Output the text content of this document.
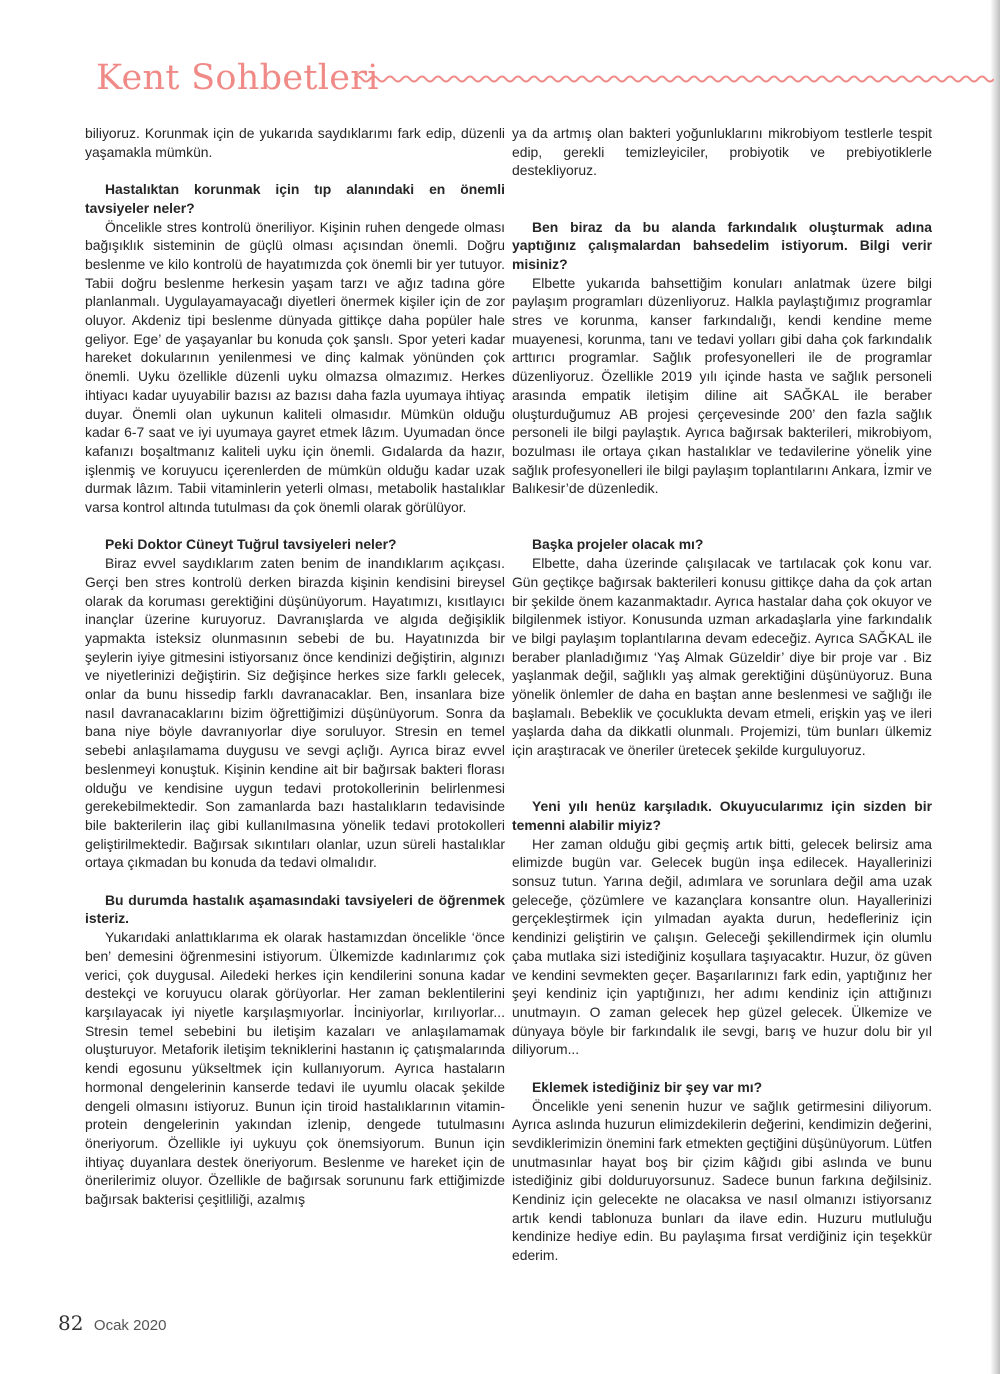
Kent Sohbetleri

biliyoruz. Korunmak için de yukarıda saydıklarımı fark edip, düzenli yaşamakla mümkün.

Hastalıktan korunmak için tıp alanındaki en önemli tavsiyeler neler?

Öncelikle stres kontrolü öneriliyor. Kişinin ruhen dengede olması bağışıklık sisteminin de güçlü olması açısından önemli. Doğru beslenme ve kilo kontrolü de hayatımızda çok önemli bir yer tutuyor. Tabii doğru beslenme herkesin yaşam tarzı ve ağız tadına göre planlanmalı. Uygulayamayacağı diyetleri önermek kişiler için de zor oluyor. Akdeniz tipi beslenme dünyada gittikçe daha popüler hale geliyor. Ege’ de yaşayanlar bu konuda çok şanslı. Spor yeteri kadar hareket dokularının yenilenmesi ve dinç kalmak yönünden çok önemli. Uyku özellikle düzenli uyku olmazsa olmazımız. Herkes ihtiyacı kadar uyuyabilir bazısı az bazısı daha fazla uyumaya ihtiyaç duyar. Önemli olan uykunun kaliteli olmasıdır. Mümkün olduğu kadar 6-7 saat ve iyi uyumaya gayret etmek lâzım. Uyumadan önce kafanızı boşaltmanız kaliteli uyku için önemli. Gıdalarda da hazır, işlenmiş ve koruyucu içerenlerden de mümkün olduğu kadar uzak durmak lâzım. Tabii vitaminlerin yeterli olması, metabolik hastalıklar varsa kontrol altında tutulması da çok önemli olarak görülüyor.

Peki Doktor Cüneyt Tuğrul tavsiyeleri neler?

Biraz evvel saydıklarım zaten benim de inandıklarım açıkçası. Gerçi ben stres kontrolü derken birazda kişinin kendisini bireysel olarak da koruması gerektiğini düşünüyorum. Hayatımızı, kısıtlayıcı inançlar üzerine kuruyoruz. Davranışlarda ve algıda değişiklik yapmakta isteksiz olunmasının sebebi de bu. Hayatınızda bir şeylerin iyiye gitmesini istiyorsanız önce kendinizi değiştirin, algınızı ve niyetlerinizi değiştirin. Siz değişince herkes size farklı gelecek, onlar da bunu hissedip farklı davranacaklar. Ben, insanlara bize nasıl davranacaklarını bizim öğrettiğimizi düşünüyorum. Sonra da bana niye böyle davranıyorlar diye soruluyor. Stresin en temel sebebi anlaşılamama duygusu ve sevgi açlığı. Ayrıca biraz evvel beslenmeyi konuştuk. Kişinin kendine ait bir bağırsak bakteri florası olduğu ve kendisine uygun tedavi protokollerinin belirlenmesi gerekebilmektedir. Son zamanlarda bazı hastalıkların tedavisinde bile bakterilerin ilaç gibi kullanılmasına yönelik tedavi protokolleri geliştirilmektedir. Bağırsak sıkıntıları olanlar, uzun süreli hastalıklar ortaya çıkmadan bu konuda da tedavi olmalıdır.

Bu durumda hastalık aşamasındaki tavsiyeleri de öğrenmek isteriz.

Yukarıdaki anlattıklarıma ek olarak hastamızdan öncelikle ‘önce ben’ demesini öğrenmesini istiyorum. Ülkemizde kadınlarımız çok verici, çok duygusal. Ailedeki herkes için kendilerini sonuna kadar destekçi ve koruyucu olarak görüyorlar. Her zaman beklentilerini karşılayacak iyi niyetle karşılaşmıyorlar. İnciniyorlar, kırılıyorlar... Stresin temel sebebini bu iletişim kazaları ve anlaşılamamak oluşturuyor. Metaforik iletişim tekniklerini hastanın iç çatışmalarında kendi egosunu yükseltmek için kullanıyorum. Ayrıca hastaların hormonal dengelerinin kanserde tedavi ile uyumlu olacak şekilde dengeli olmasını istiyoruz. Bunun için tiroid hastalıklarının vitamin- protein dengelerinin yakından izlenip, dengede tutulmasını öneriyorum. Özellikle iyi uykuyu çok önemsiyorum. Bunun için ihtiyaç duyanlara destek öneriyorum. Beslenme ve hareket için de önerilerimiz oluyor. Özellikle de bağırsak sorununu fark ettiğimizde bağırsak bakterisi çeşitliliği, azalmış

ya da artmış olan bakteri yoğunluklarını mikrobiyom testlerle tespit edip, gerekli temizleyiciler, probiyotik ve prebiyotiklerle destekliyoruz.

Ben biraz da bu alanda farkındalık oluşturmak adına yaptığınız çalışmalardan bahsedelim istiyorum. Bilgi verir misiniz?

Elbette yukarıda bahsettiğim konuları anlatmak üzere bilgi paylaşım programları düzenliyoruz. Halkla paylaştığımız programlar stres ve korunma, kanser farkındalığı, kendi kendine meme muayenesi, korunma, tanı ve tedavi yolları gibi daha çok farkındalık arttırıcı programlar. Sağlık profesyonelleri ile de programlar düzenliyoruz. Özellikle 2019 yılı içinde hasta ve sağlık personeli arasında empatik iletişim diline ait SAĞKAL ile beraber oluşturduğumuz AB projesi çerçevesinde 200’ den fazla sağlık personeli ile bilgi paylaştık. Ayrıca bağırsak bakterileri, mikrobiyom, bozulması ile ortaya çıkan hastalıklar ve tedavilerine yönelik yine sağlık profesyonelleri ile bilgi paylaşım toplantılarını Ankara, İzmir ve Balıkesir’de düzenledik.

Başka projeler olacak mı?

Elbette, daha üzerinde çalışılacak ve tartılacak çok konu var. Gün geçtikçe bağırsak bakterileri konusu gittikçe daha da çok artan bir şekilde önem kazanmaktadır. Ayrıca hastalar daha çok okuyor ve bilgilenmek istiyor. Konusunda uzman arkadaşlarla yine farkındalık ve bilgi paylaşım toplantılarına devam edeceğiz. Ayrıca SAĞKAL ile beraber planladığımız ‘Yaş Almak Güzeldir’ diye bir proje var . Biz yaşlanmak değil, sağlıklı yaş almak gerektiğini düşünüyoruz. Buna yönelik önlemler de daha en baştan anne beslenmesi ve sağlığı ile başlamalı. Bebeklik ve çocuklukta devam etmeli, erişkin yaş ve ileri yaşlarda daha da dikkatli olunmalı. Projemizi, tüm bunları ülkemiz için araştıracak ve öneriler üretecek şekilde kurguluyoruz.

Yeni yılı henüz karşıladık. Okuyucularımız için sizden bir temenni alabilir miyiz?

Her zaman olduğu gibi geçmiş artık bitti, gelecek belirsiz ama elimizde bugün var. Gelecek bugün inşa edilecek. Hayallerinizi sonsuz tutun. Yarına değil, adımlara ve sorunlara değil ama uzak geleceğe, çözümlere ve kazançlara konsantre olun. Hayallerinizi gerçekleştirmek için yılmadan ayakta durun, hedefleriniz için kendinizi geliştirin ve çalışın. Geleceği şekillendirmek için olumlu çaba mutlaka sizi istediğiniz koşullara taşıyacaktır. Huzur, öz güven ve kendini sevmekten geçer. Başarılarınızı fark edin, yaptığınız her şeyi kendiniz için yaptığınızı, her adımı kendiniz için attığınızı unutmayın. O zaman gelecek hep güzel gelecek. Ülkemize ve dünyaya böyle bir farkındalık ile sevgi, barış ve huzur dolu bir yıl diliyorum...

Eklemek istediğiniz bir şey var mı?

Öncelikle yeni senenin huzur ve sağlık getirmesini diliyorum. Ayrıca aslında huzurun elimizdekilerin değerini, kendimizin değerini, sevdiklerimizin önemini fark etmekten geçtiğini düşünüyorum. Lütfen unutmasınlar hayat boş bir çizim kâğıdı gibi aslında ve bunu istediğiniz gibi dolduruyorsunuz. Sadece bunun farkına değilsiniz. Kendiniz için gelecekte ne olacaksa ve nasıl olmanızı istiyorsanız artık kendi tablonuza bunları da ilave edin. Huzuru mutluluğu kendinize hediye edin. Bu paylaşıma fırsat verdiğiniz için teşekkür ederim.

82 Ocak 2020
